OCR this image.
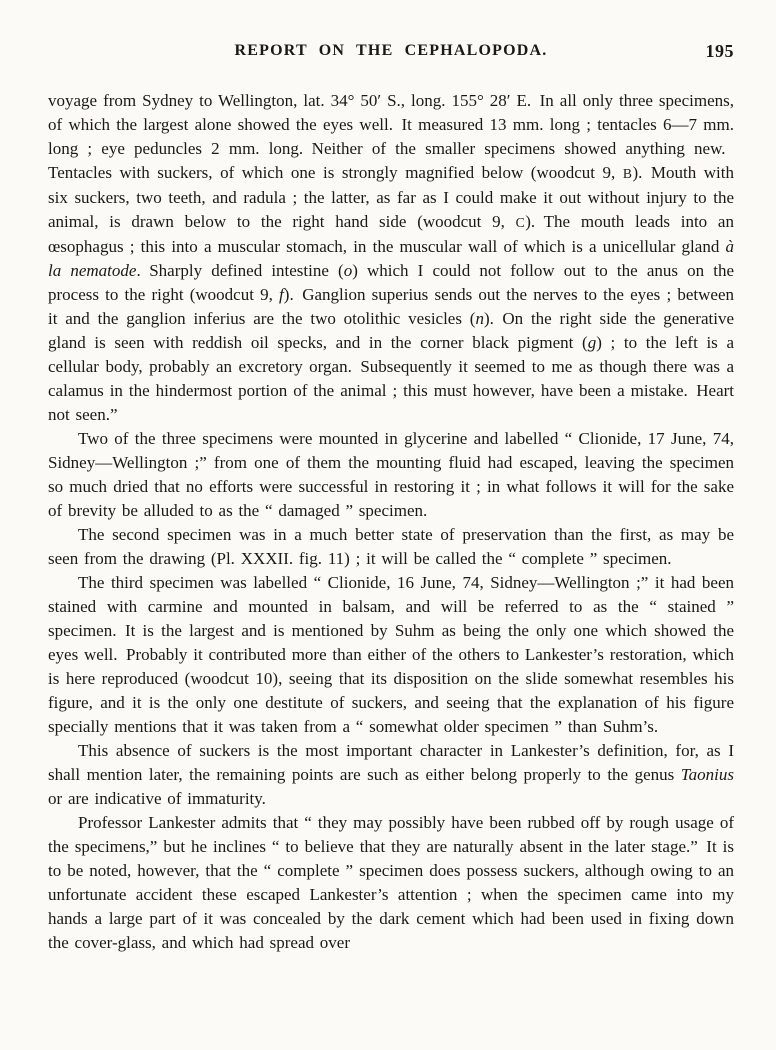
REPORT ON THE CEPHALOPODA.	195

voyage from Sydney to Wellington, lat. 34° 50′ S., long. 155° 28′ E. In all only three specimens, of which the largest alone showed the eyes well. It measured 13 mm. long ; tentacles 6—7 mm. long ; eye peduncles 2 mm. long. Neither of the smaller specimens showed anything new. Tentacles with suckers, of which one is strongly magnified below (woodcut 9, B). Mouth with six suckers, two teeth, and radula ; the latter, as far as I could make it out without injury to the animal, is drawn below to the right hand side (woodcut 9, C). The mouth leads into an œsophagus ; this into a muscular stomach, in the muscular wall of which is a unicellular gland à la nematode. Sharply defined intestine (o) which I could not follow out to the anus on the process to the right (woodcut 9, f). Ganglion superius sends out the nerves to the eyes ; between it and the ganglion inferius are the two otolithic vesicles (n). On the right side the generative gland is seen with reddish oil specks, and in the corner black pigment (g) ; to the left is a cellular body, probably an excretory organ. Subsequently it seemed to me as though there was a calamus in the hindermost portion of the animal ; this must however, have been a mistake. Heart not seen.”

Two of the three specimens were mounted in glycerine and labelled “ Clionide, 17 June, 74, Sidney—Wellington ;” from one of them the mounting fluid had escaped, leaving the specimen so much dried that no efforts were successful in restoring it ; in what follows it will for the sake of brevity be alluded to as the “ damaged ” specimen.

The second specimen was in a much better state of preservation than the first, as may be seen from the drawing (Pl. XXXII. fig. 11) ; it will be called the “ complete ” specimen.

The third specimen was labelled “ Clionide, 16 June, 74, Sidney—Wellington ;” it had been stained with carmine and mounted in balsam, and will be referred to as the “ stained ” specimen. It is the largest and is mentioned by Suhm as being the only one which showed the eyes well. Probably it contributed more than either of the others to Lankester’s restoration, which is here reproduced (woodcut 10), seeing that its disposition on the slide somewhat resembles his figure, and it is the only one destitute of suckers, and seeing that the explanation of his figure specially mentions that it was taken from a “ somewhat older specimen ” than Suhm’s.

This absence of suckers is the most important character in Lankester’s definition, for, as I shall mention later, the remaining points are such as either belong properly to the genus Taonius or are indicative of immaturity.

Professor Lankester admits that “ they may possibly have been rubbed off by rough usage of the specimens,” but he inclines “ to believe that they are naturally absent in the later stage.” It is to be noted, however, that the “ complete ” specimen does possess suckers, although owing to an unfortunate accident these escaped Lankester’s attention ; when the specimen came into my hands a large part of it was concealed by the dark cement which had been used in fixing down the cover-glass, and which had spread over
